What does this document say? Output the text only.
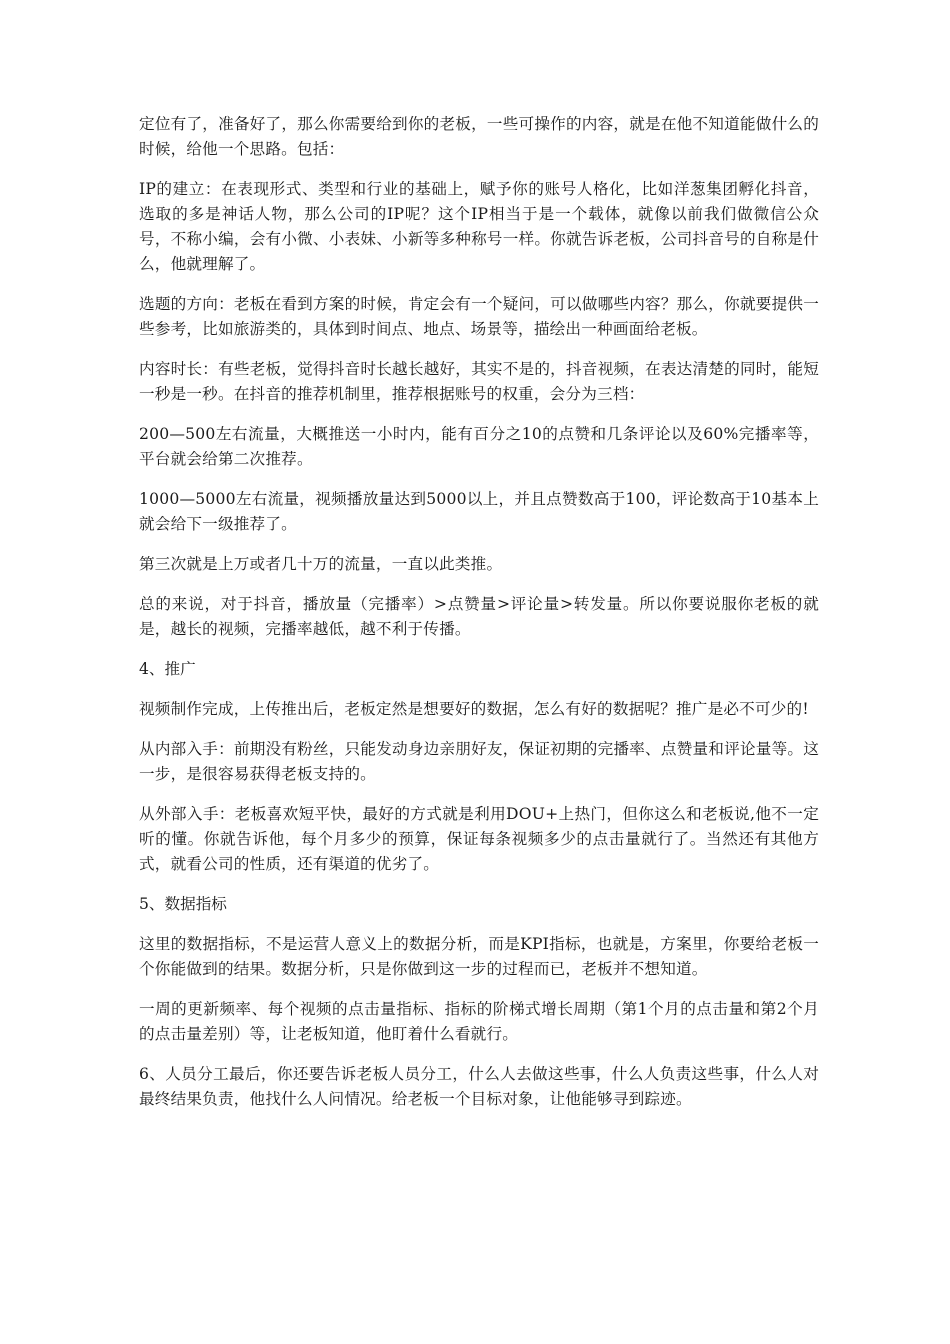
定位有了，准备好了，那么你需要给到你的老板，一些可操作的内容，就是在他不知道能做什么的时候，给他一个思路。包括：

IP的建立：在表现形式、类型和行业的基础上，赋予你的账号人格化，比如洋葱集团孵化抖音，选取的多是神话人物，那么公司的IP呢？这个IP相当于是一个载体，就像以前我们做微信公众号，不称小编，会有小微、小表妹、小新等多种称号一样。你就告诉老板，公司抖音号的自称是什么，他就理解了。

选题的方向：老板在看到方案的时候，肯定会有一个疑问，可以做哪些内容？那么，你就要提供一些参考，比如旅游类的，具体到时间点、地点、场景等，描绘出一种画面给老板。

内容时长：有些老板，觉得抖音时长越长越好，其实不是的，抖音视频，在表达清楚的同时，能短一秒是一秒。在抖音的推荐机制里，推荐根据账号的权重，会分为三档：

200—500左右流量，大概推送一小时内，能有百分之10的点赞和几条评论以及60%完播率等，平台就会给第二次推荐。

1000—5000左右流量，视频播放量达到5000以上，并且点赞数高于100，评论数高于10基本上就会给下一级推荐了。

第三次就是上万或者几十万的流量，一直以此类推。

总的来说，对于抖音，播放量（完播率）>点赞量>评论量>转发量。所以你要说服你老板的就是，越长的视频，完播率越低，越不利于传播。

4、推广

视频制作完成，上传推出后，老板定然是想要好的数据，怎么有好的数据呢？推广是必不可少的!

从内部入手：前期没有粉丝，只能发动身边亲朋好友，保证初期的完播率、点赞量和评论量等。这一步，是很容易获得老板支持的。

从外部入手：老板喜欢短平快，最好的方式就是利用DOU+上热门，但你这么和老板说,他不一定听的懂。你就告诉他，每个月多少的预算，保证每条视频多少的点击量就行了。当然还有其他方式，就看公司的性质，还有渠道的优劣了。

5、数据指标

这里的数据指标，不是运营人意义上的数据分析，而是KPI指标，也就是，方案里，你要给老板一个你能做到的结果。数据分析，只是你做到这一步的过程而已，老板并不想知道。

一周的更新频率、每个视频的点击量指标、指标的阶梯式增长周期（第1个月的点击量和第2个月的点击量差别）等，让老板知道，他盯着什么看就行。

6、人员分工最后，你还要告诉老板人员分工，什么人去做这些事，什么人负责这些事，什么人对最终结果负责，他找什么人问情况。给老板一个目标对象，让他能够寻到踪迹。
